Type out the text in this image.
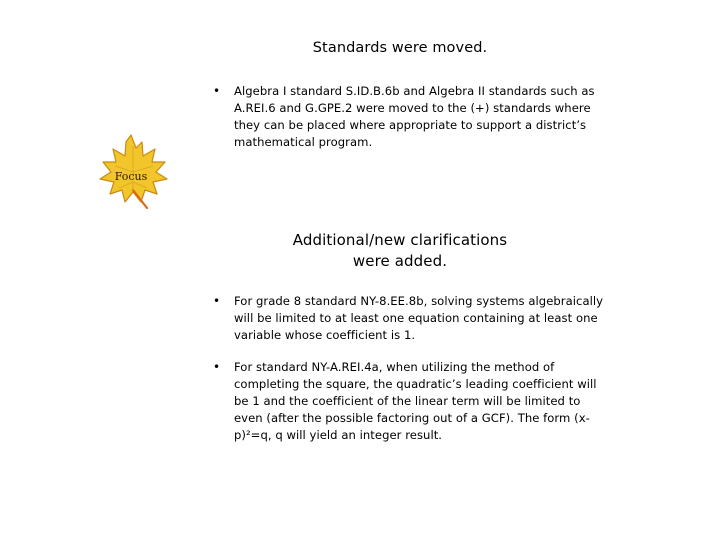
Standards were moved.
• Algebra I standard S.ID.B.6b and Algebra II standards such as A.REI.6 and G.GPE.2 were moved to the (+) standards where they can be placed where appropriate to support a district’s mathematical program.
Focus
Additional/new clarifications
were added.
• For grade 8 standard NY-8.EE.8b, solving systems algebraically will be limited to at least one equation containing at least one variable whose coefficient is 1.
• For standard NY-A.REI.4a, when utilizing the method of completing the square, the quadratic’s leading coefficient will be 1 and the coefficient of the linear term will be limited to even (after the possible factoring out of a GCF). The form (x-p)²=q, q will yield an integer result.
